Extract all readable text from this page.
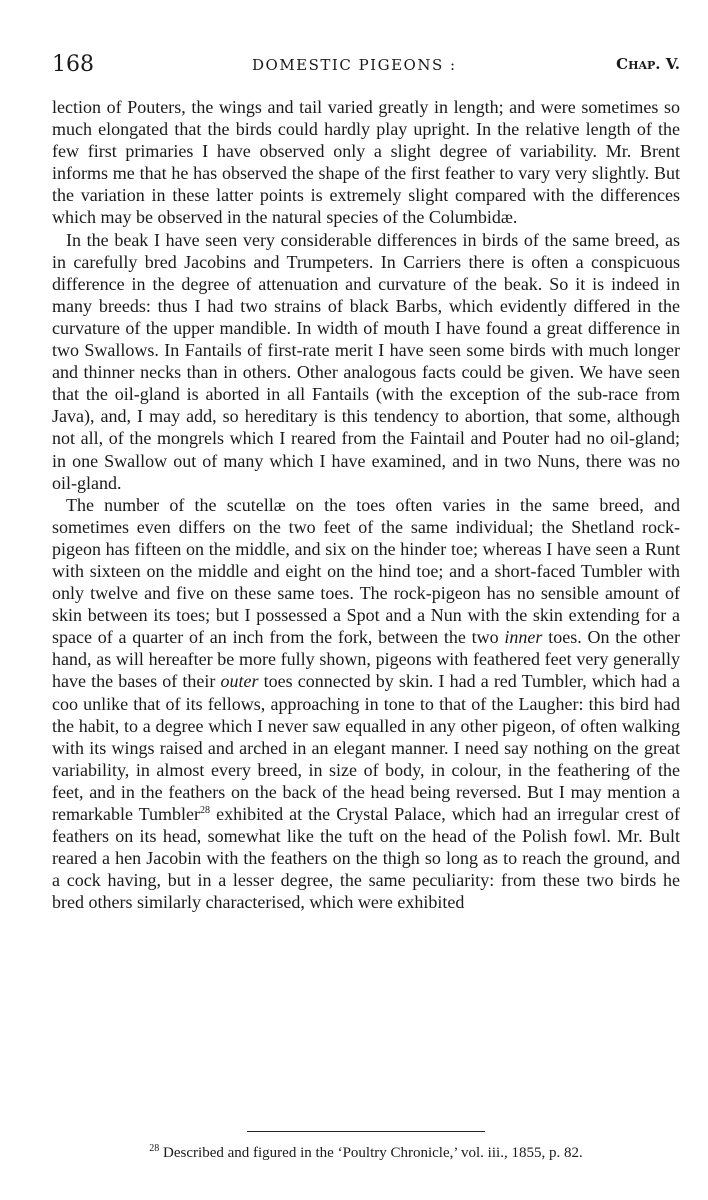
168	DOMESTIC PIGEONS :	Chap. V.

lection of Pouters, the wings and tail varied greatly in length; and were sometimes so much elongated that the birds could hardly play upright. In the relative length of the few first primaries I have observed only a slight degree of variability. Mr. Brent informs me that he has observed the shape of the first feather to vary very slightly. But the variation in these latter points is extremely slight compared with the differences which may be observed in the natural species of the Columbidæ.

In the beak I have seen very considerable differences in birds of the same breed, as in carefully bred Jacobins and Trumpeters. In Carriers there is often a conspicuous difference in the degree of attenuation and curvature of the beak. So it is indeed in many breeds: thus I had two strains of black Barbs, which evidently differed in the curvature of the upper mandible. In width of mouth I have found a great difference in two Swallows. In Fantails of first-rate merit I have seen some birds with much longer and thinner necks than in others. Other analogous facts could be given. We have seen that the oil-gland is aborted in all Fantails (with the exception of the sub-race from Java), and, I may add, so hereditary is this tendency to abortion, that some, although not all, of the mongrels which I reared from the Faintail and Pouter had no oil-gland; in one Swallow out of many which I have examined, and in two Nuns, there was no oil-gland.

The number of the scutellæ on the toes often varies in the same breed, and sometimes even differs on the two feet of the same individual; the Shetland rock-pigeon has fifteen on the middle, and six on the hinder toe; whereas I have seen a Runt with sixteen on the middle and eight on the hind toe; and a short-faced Tumbler with only twelve and five on these same toes. The rock-pigeon has no sensible amount of skin between its toes; but I possessed a Spot and a Nun with the skin extending for a space of a quarter of an inch from the fork, between the two inner toes. On the other hand, as will hereafter be more fully shown, pigeons with feathered feet very generally have the bases of their outer toes connected by skin. I had a red Tumbler, which had a coo unlike that of its fellows, approaching in tone to that of the Laugher: this bird had the habit, to a degree which I never saw equalled in any other pigeon, of often walking with its wings raised and arched in an elegant manner. I need say nothing on the great variability, in almost every breed, in size of body, in colour, in the feathering of the feet, and in the feathers on the back of the head being reversed. But I may mention a remarkable Tumbler$^{28}$ exhibited at the Crystal Palace, which had an irregular crest of feathers on its head, somewhat like the tuft on the head of the Polish fowl. Mr. Bult reared a hen Jacobin with the feathers on the thigh so long as to reach the ground, and a cock having, but in a lesser degree, the same peculiarity: from these two birds he bred others similarly characterised, which were exhibited

$^{28}$ Described and figured in the ‘Poultry Chronicle,’ vol. iii., 1855, p. 82.
